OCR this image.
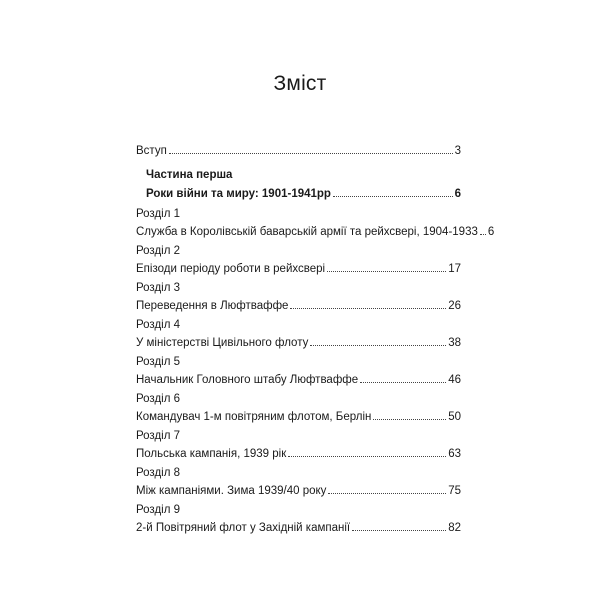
Зміст
Вступ	3
Частина перша
Роки війни та миру: 1901-1941рр	6
Розділ 1
Служба в Королівській баварській армії та рейхсвері, 1904-1933 6
Розділ 2
Епізоди періоду роботи в рейхсвері	17
Розділ 3
Переведення в Люфтваффе	26
Розділ 4
У міністерстві Цивільного флоту	38
Розділ 5
Начальник Головного штабу Люфтваффе	46
Розділ 6
Командувач 1-м повітряним флотом, Берлін	50
Розділ 7
Польська кампанія, 1939 рік	63
Розділ 8
Між кампаніями. Зима 1939/40 року	75
Розділ 9
2-й Повітряний флот у Західній кампанії	82
